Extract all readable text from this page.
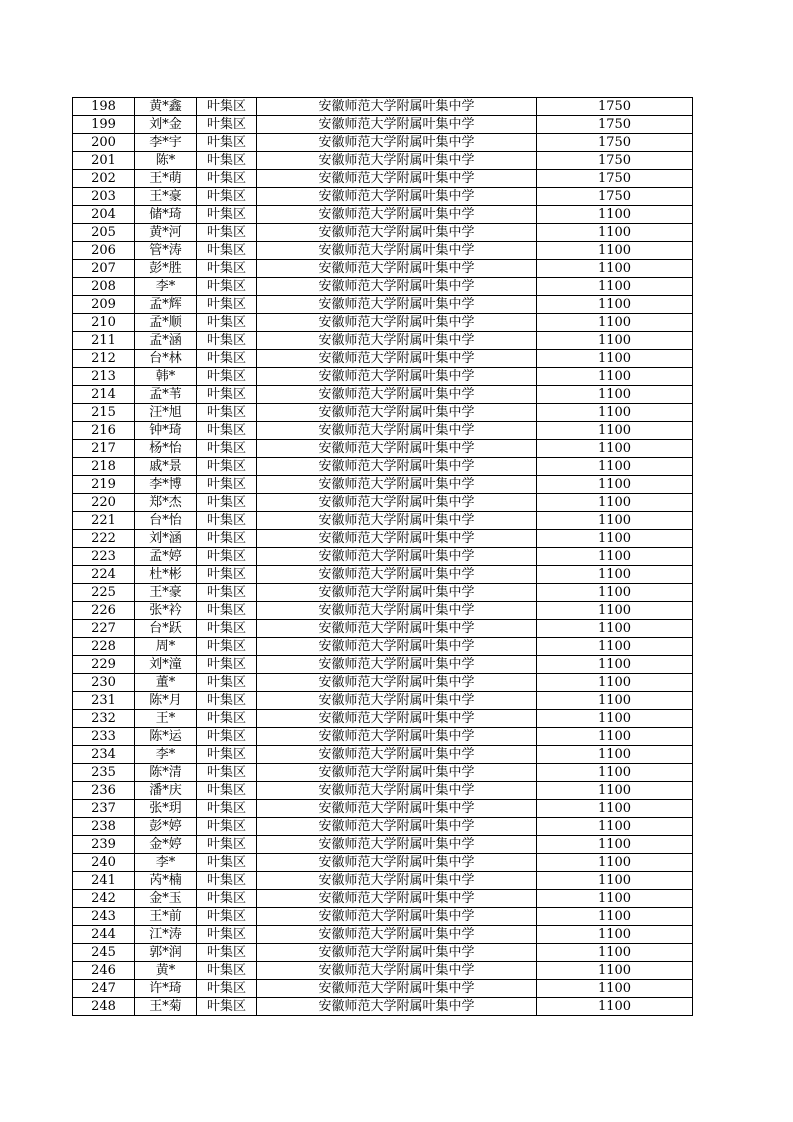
198	黄*鑫	叶集区	安徽师范大学附属叶集中学	1750
199	刘*金	叶集区	安徽师范大学附属叶集中学	1750
200	李*宇	叶集区	安徽师范大学附属叶集中学	1750
201	陈*	叶集区	安徽师范大学附属叶集中学	1750
202	王*萌	叶集区	安徽师范大学附属叶集中学	1750
203	王*豪	叶集区	安徽师范大学附属叶集中学	1750
204	储*琦	叶集区	安徽师范大学附属叶集中学	1100
205	黄*河	叶集区	安徽师范大学附属叶集中学	1100
206	管*涛	叶集区	安徽师范大学附属叶集中学	1100
207	彭*胜	叶集区	安徽师范大学附属叶集中学	1100
208	李*	叶集区	安徽师范大学附属叶集中学	1100
209	孟*辉	叶集区	安徽师范大学附属叶集中学	1100
210	孟*顺	叶集区	安徽师范大学附属叶集中学	1100
211	孟*涵	叶集区	安徽师范大学附属叶集中学	1100
212	台*林	叶集区	安徽师范大学附属叶集中学	1100
213	韩*	叶集区	安徽师范大学附属叶集中学	1100
214	孟*苇	叶集区	安徽师范大学附属叶集中学	1100
215	汪*旭	叶集区	安徽师范大学附属叶集中学	1100
216	钟*琦	叶集区	安徽师范大学附属叶集中学	1100
217	杨*怡	叶集区	安徽师范大学附属叶集中学	1100
218	戚*景	叶集区	安徽师范大学附属叶集中学	1100
219	李*博	叶集区	安徽师范大学附属叶集中学	1100
220	郑*杰	叶集区	安徽师范大学附属叶集中学	1100
221	台*怡	叶集区	安徽师范大学附属叶集中学	1100
222	刘*涵	叶集区	安徽师范大学附属叶集中学	1100
223	孟*婷	叶集区	安徽师范大学附属叶集中学	1100
224	杜*彬	叶集区	安徽师范大学附属叶集中学	1100
225	王*豪	叶集区	安徽师范大学附属叶集中学	1100
226	张*衿	叶集区	安徽师范大学附属叶集中学	1100
227	台*跃	叶集区	安徽师范大学附属叶集中学	1100
228	周*	叶集区	安徽师范大学附属叶集中学	1100
229	刘*潼	叶集区	安徽师范大学附属叶集中学	1100
230	董*	叶集区	安徽师范大学附属叶集中学	1100
231	陈*月	叶集区	安徽师范大学附属叶集中学	1100
232	王*	叶集区	安徽师范大学附属叶集中学	1100
233	陈*运	叶集区	安徽师范大学附属叶集中学	1100
234	李*	叶集区	安徽师范大学附属叶集中学	1100
235	陈*清	叶集区	安徽师范大学附属叶集中学	1100
236	潘*庆	叶集区	安徽师范大学附属叶集中学	1100
237	张*玥	叶集区	安徽师范大学附属叶集中学	1100
238	彭*婷	叶集区	安徽师范大学附属叶集中学	1100
239	金*婷	叶集区	安徽师范大学附属叶集中学	1100
240	李*	叶集区	安徽师范大学附属叶集中学	1100
241	芮*楠	叶集区	安徽师范大学附属叶集中学	1100
242	金*玉	叶集区	安徽师范大学附属叶集中学	1100
243	王*前	叶集区	安徽师范大学附属叶集中学	1100
244	江*涛	叶集区	安徽师范大学附属叶集中学	1100
245	郭*润	叶集区	安徽师范大学附属叶集中学	1100
246	黄*	叶集区	安徽师范大学附属叶集中学	1100
247	许*琦	叶集区	安徽师范大学附属叶集中学	1100
248	王*菊	叶集区	安徽师范大学附属叶集中学	1100
